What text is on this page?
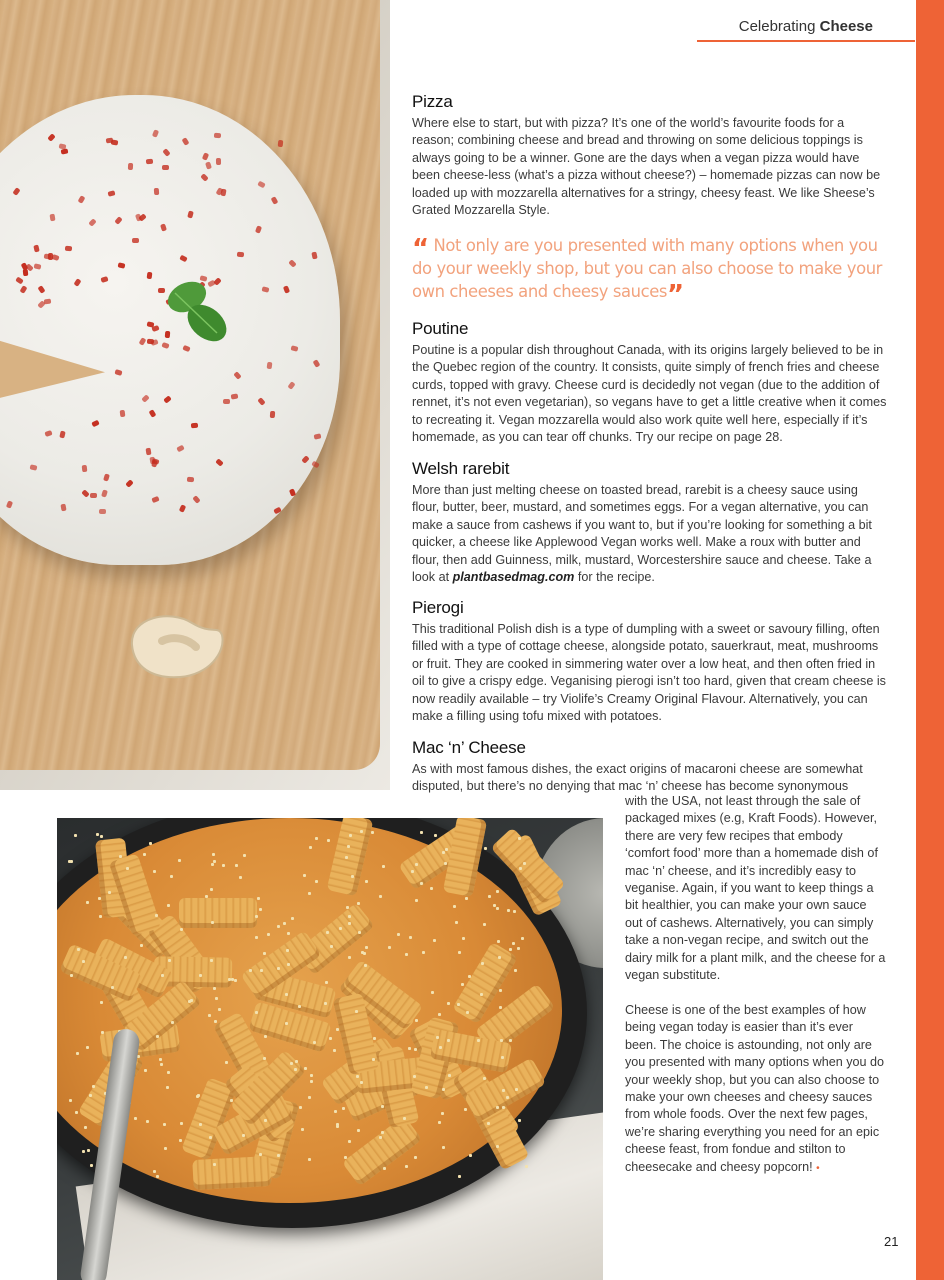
Celebrating Cheese
Pizza

Where else to start, but with pizza? It’s one of the world’s favourite foods for a reason; combining cheese and bread and throwing on some delicious toppings is always going to be a winner. Gone are the days when a vegan pizza would have been cheese-less (what’s a pizza without cheese?) – homemade pizzas can now be loaded up with mozzarella alternatives for a stringy, cheesy feast. We like Sheese’s Grated Mozzarella Style.

“ Not only are you presented with many options when you do your weekly shop, but you can also choose to make your own cheeses and cheesy sauces”
Poutine

Poutine is a popular dish throughout Canada, with its origins largely believed to be in the Quebec region of the country. It consists, quite simply of french fries and cheese curds, topped with gravy. Cheese curd is decidedly not vegan (due to the addition of rennet, it’s not even vegetarian), so vegans have to get a little creative when it comes to recreating it. Vegan mozzarella would also work quite well here, especially if it’s homemade, as you can tear off chunks. Try our recipe on page 28.

Welsh rarebit

More than just melting cheese on toasted bread, rarebit is a cheesy sauce using flour, butter, beer, mustard, and sometimes eggs. For a vegan alternative, you can make a sauce from cashews if you want to, but if you’re looking for something a bit quicker, a cheese like Applewood Vegan works well. Make a roux with butter and flour, then add Guinness, milk, mustard, Worcestershire sauce and cheese. Take a look at plantbasedmag.com for the recipe.

Pierogi

This traditional Polish dish is a type of dumpling with a sweet or savoury filling, often filled with a type of cottage cheese, alongside potato, sauerkraut, meat, mushrooms or fruit. They are cooked in simmering water over a low heat, and then often fried in oil to give a crispy edge. Veganising pierogi isn’t too hard, given that cream cheese is now readily available – try Violife’s Creamy Original Flavour. Alternatively, you can make a filling using tofu mixed with potatoes.

Mac ‘n’ Cheese

As with most famous dishes, the exact origins of macaroni cheese are somewhat disputed, but there’s no denying that mac ‘n’ cheese has become synonymous

with the USA, not least through the sale of packaged mixes (e.g, Kraft Foods). However, there are very few recipes that embody ‘comfort food’ more than a homemade dish of mac ‘n’ cheese, and it’s incredibly easy to veganise. Again, if you want to keep things a bit healthier, you can make your own sauce out of cashews. Alternatively, you can simply take a non-vegan recipe, and switch out the dairy milk for a plant milk, and the cheese for a vegan substitute.

Cheese is one of the best examples of how being vegan today is easier than it’s ever been. The choice is astounding, not only are you presented with many options when you do your weekly shop, but you can also choose to make your own cheeses and cheesy sauces from whole foods. Over the next few pages, we’re sharing everything you need for an epic cheese feast, from fondue and stilton to cheesecake and cheesy popcorn! •

21
